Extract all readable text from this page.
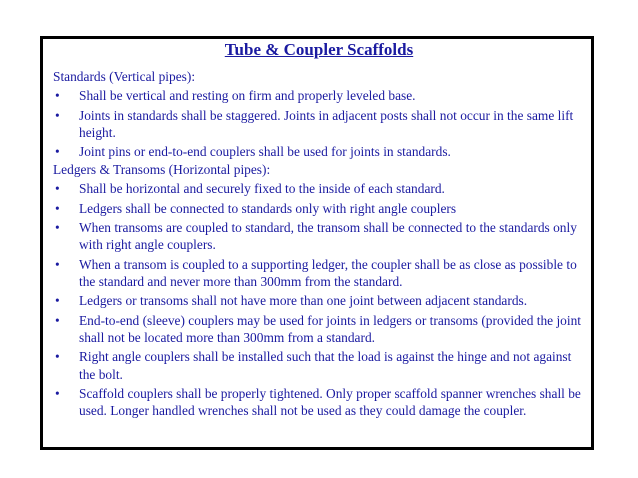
Tube & Coupler Scaffolds

Standards (Vertical pipes):

• Shall be vertical and resting on firm and properly leveled base.
• Joints in standards shall be staggered. Joints in adjacent posts shall not occur in the same lift height.
• Joint pins or end-to-end couplers shall be used for joints in standards.

Ledgers & Transoms (Horizontal pipes):

• Shall be horizontal and securely fixed to the inside of each standard.
• Ledgers shall be connected to standards only with right angle couplers
• When transoms are coupled to standard, the transom shall be connected to the standards only with right angle couplers.
• When a transom is coupled to a supporting ledger, the coupler shall be as close as possible to the standard and never more than 300mm from the standard.
• Ledgers or transoms shall not have more than one joint between adjacent standards.
• End-to-end (sleeve) couplers may be used for joints in ledgers or transoms (provided the joint shall not be located more than 300mm from a standard.
• Right angle couplers shall be installed such that the load is against the hinge and not against the bolt.
• Scaffold couplers shall be properly tightened. Only proper scaffold spanner wrenches shall be used. Longer handled wrenches shall not be used as they could damage the coupler.
